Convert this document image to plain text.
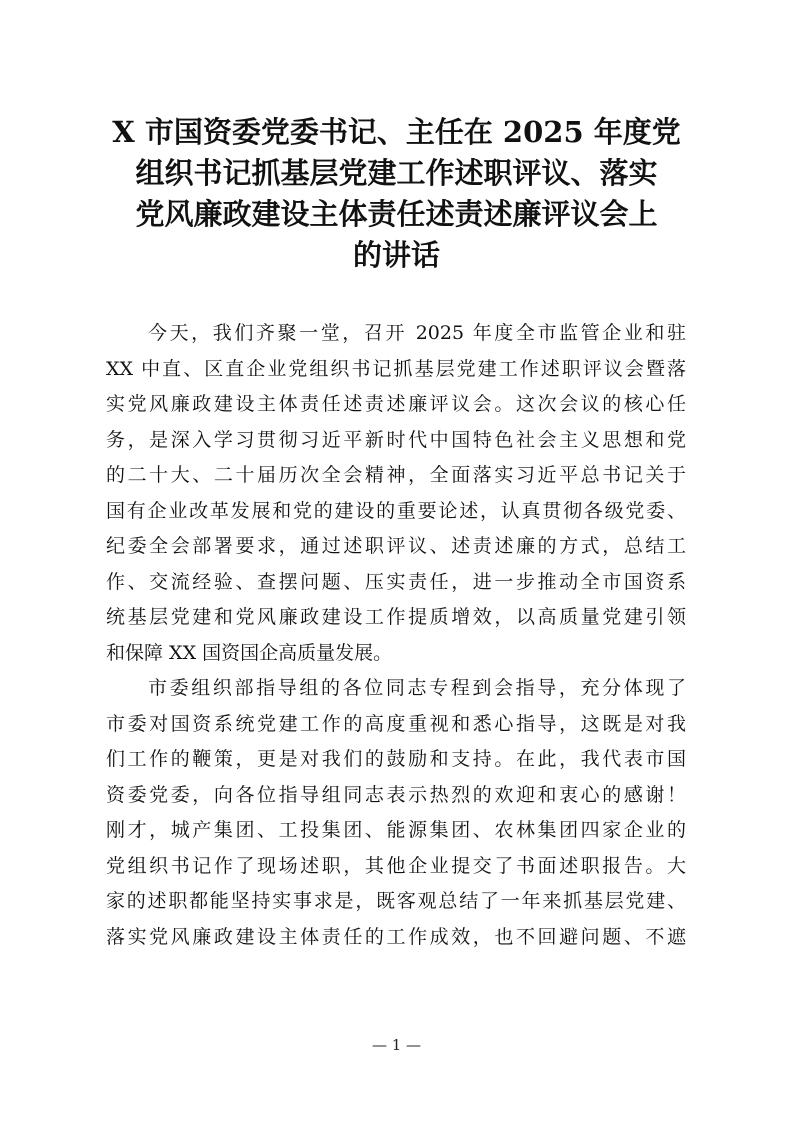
X 市国资委党委书记、主任在 2025 年度党
组织书记抓基层党建工作述职评议、落实
党风廉政建设主体责任述责述廉评议会上
的讲话
今天，我们齐聚一堂，召开 2025 年度全市监管企业和驻
XX 中直、区直企业党组织书记抓基层党建工作述职评议会暨落
实党风廉政建设主体责任述责述廉评议会。这次会议的核心任
务，是深入学习贯彻习近平新时代中国特色社会主义思想和党
的二十大、二十届历次全会精神，全面落实习近平总书记关于
国有企业改革发展和党的建设的重要论述，认真贯彻各级党委、
纪委全会部署要求，通过述职评议、述责述廉的方式，总结工
作、交流经验、查摆问题、压实责任，进一步推动全市国资系
统基层党建和党风廉政建设工作提质增效，以高质量党建引领
和保障 XX 国资国企高质量发展。
市委组织部指导组的各位同志专程到会指导，充分体现了
市委对国资系统党建工作的高度重视和悉心指导，这既是对我
们工作的鞭策，更是对我们的鼓励和支持。在此，我代表市国
资委党委，向各位指导组同志表示热烈的欢迎和衷心的感谢！
刚才，城产集团、工投集团、能源集团、农林集团四家企业的
党组织书记作了现场述职，其他企业提交了书面述职报告。大
家的述职都能坚持实事求是，既客观总结了一年来抓基层党建、
落实党风廉政建设主体责任的工作成效，也不回避问题、不遮
— 1 —
